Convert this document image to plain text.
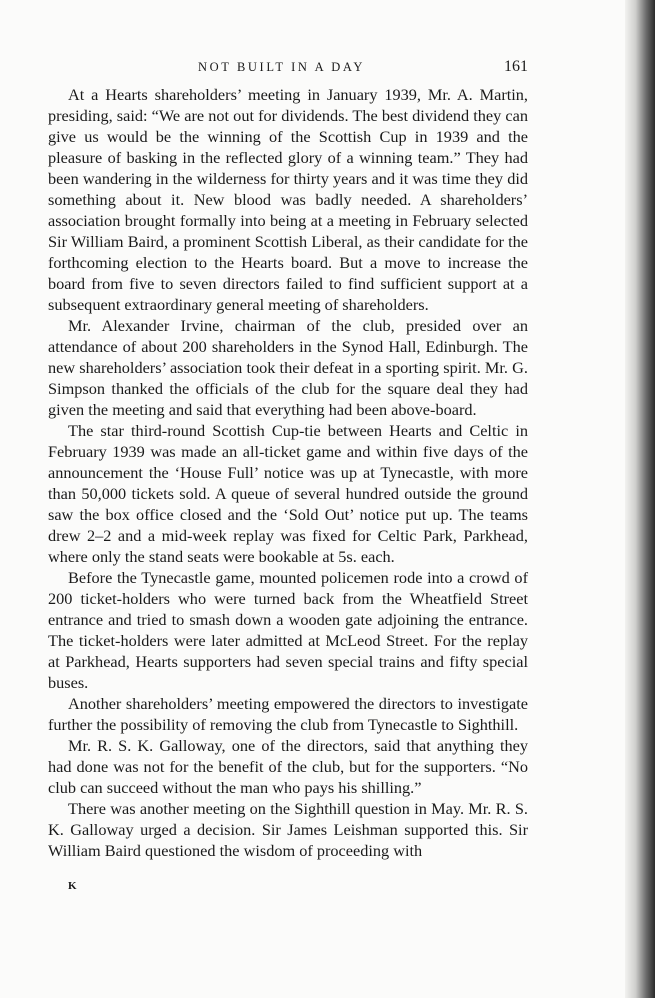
NOT BUILT IN A DAY	161

At a Hearts shareholders’ meeting in January 1939, Mr. A. Martin, presiding, said: “We are not out for dividends. The best dividend they can give us would be the winning of the Scottish Cup in 1939 and the pleasure of basking in the reflected glory of a winning team.” They had been wandering in the wilderness for thirty years and it was time they did something about it. New blood was badly needed. A shareholders’ association brought formally into being at a meeting in February selected Sir William Baird, a prominent Scottish Liberal, as their candidate for the forthcoming election to the Hearts board. But a move to increase the board from five to seven directors failed to find sufficient support at a subsequent extraordinary general meeting of shareholders.

Mr. Alexander Irvine, chairman of the club, presided over an attendance of about 200 shareholders in the Synod Hall, Edinburgh. The new shareholders’ association took their defeat in a sporting spirit. Mr. G. Simpson thanked the officials of the club for the square deal they had given the meeting and said that everything had been above-board.

The star third-round Scottish Cup-tie between Hearts and Celtic in February 1939 was made an all-ticket game and within five days of the announcement the ‘House Full’ notice was up at Tynecastle, with more than 50,000 tickets sold. A queue of several hundred outside the ground saw the box office closed and the ‘Sold Out’ notice put up. The teams drew 2–2 and a mid-week replay was fixed for Celtic Park, Parkhead, where only the stand seats were bookable at 5s. each.

Before the Tynecastle game, mounted policemen rode into a crowd of 200 ticket-holders who were turned back from the Wheatfield Street entrance and tried to smash down a wooden gate adjoining the entrance. The ticket-holders were later admitted at McLeod Street. For the replay at Parkhead, Hearts supporters had seven special trains and fifty special buses.

Another shareholders’ meeting empowered the directors to investigate further the possibility of removing the club from Tynecastle to Sighthill.

Mr. R. S. K. Galloway, one of the directors, said that anything they had done was not for the benefit of the club, but for the supporters. “No club can succeed without the man who pays his shilling.”

There was another meeting on the Sighthill question in May. Mr. R. S. K. Galloway urged a decision. Sir James Leishman supported this. Sir William Baird questioned the wisdom of proceeding with

K
